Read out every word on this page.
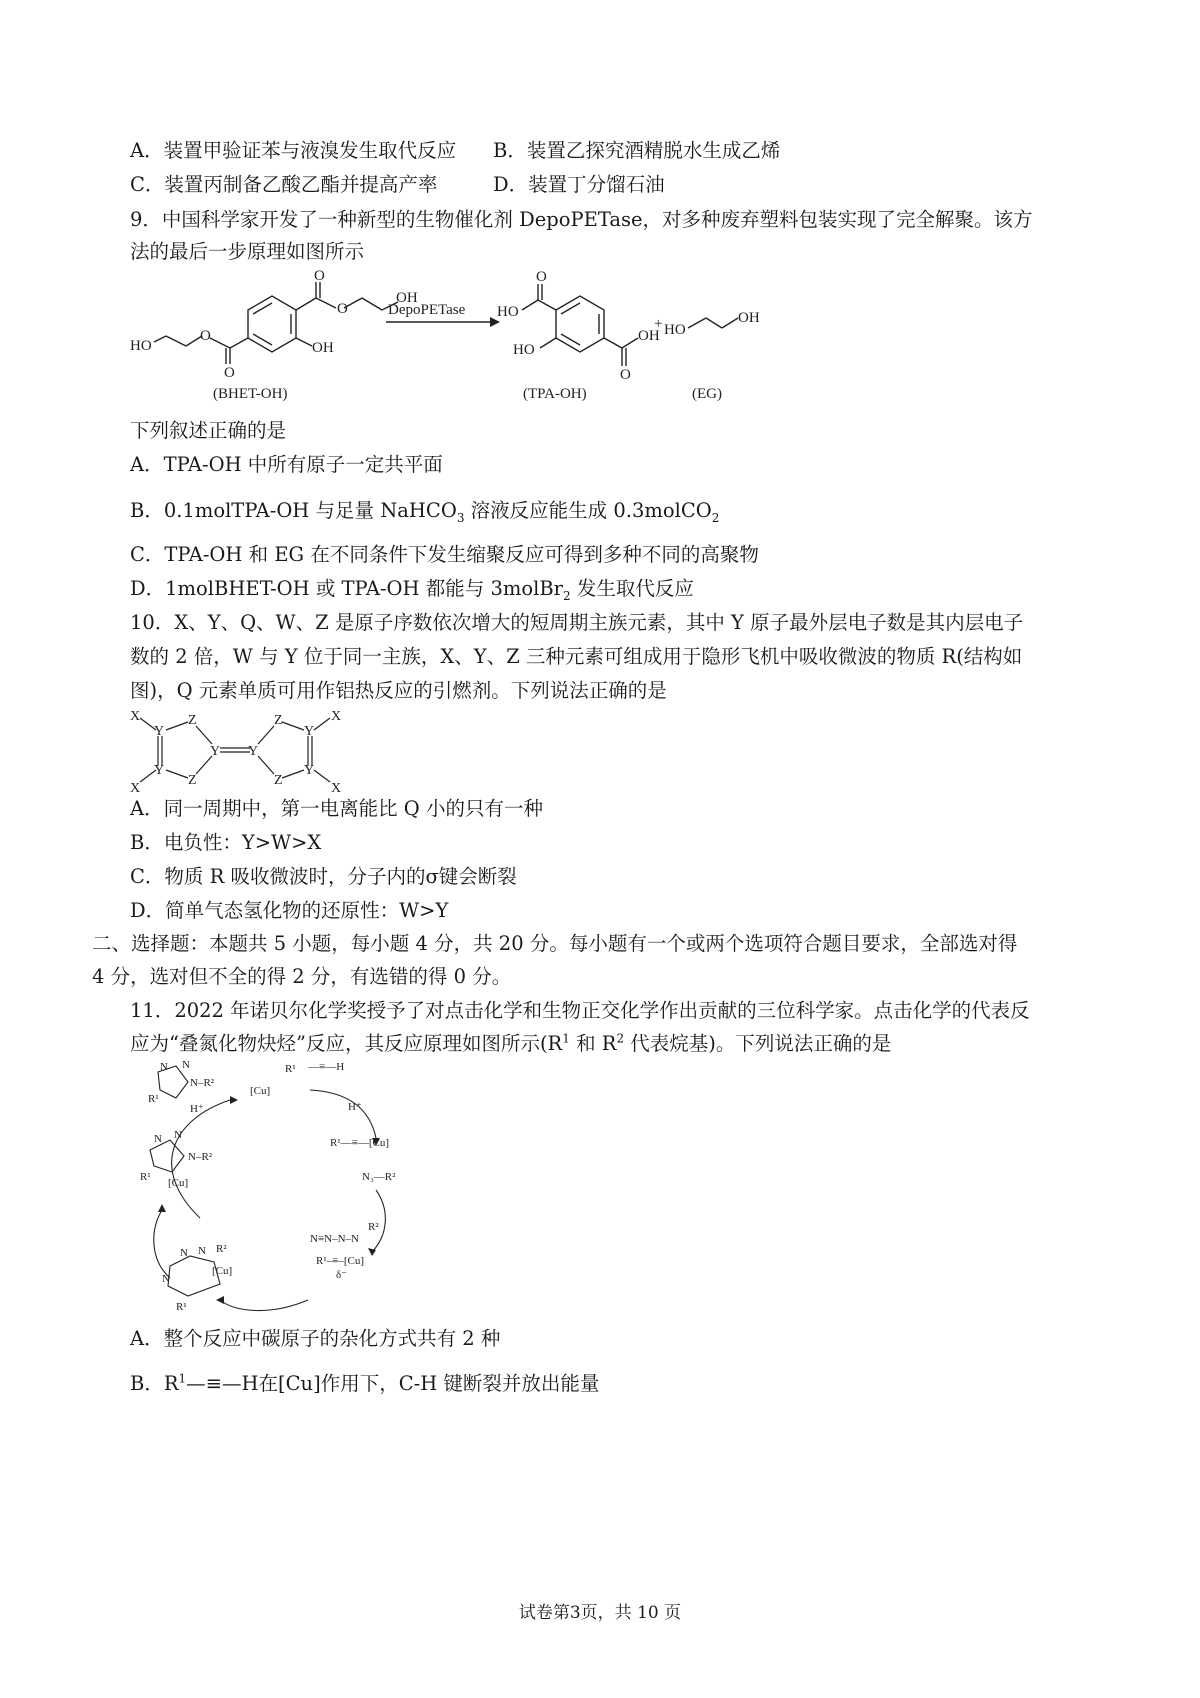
A．装置甲验证苯与液溴发生取代反应 B．装置乙探究酒精脱水生成乙烯
C．装置丙制备乙酸乙酯并提高产率	D．装置丁分馏石油
9．中国科学家开发了一种新型的生物催化剂 DepoPETase，对多种废弃塑料包装实现了完全解聚。该方
法的最后一步原理如图所示
O
O
OH
OH
O
O
HO
O
HO
HO
O
OH
+ HO
OH
DepoPETase
(BHET-OH)	(TPA-OH)	(EG)
下列叙述正确的是
A．TPA-OH 中所有原子一定共平面
B．0.1molTPA-OH 与足量 NaHCO$_3$ 溶液反应能生成 0.3molCO$_2$
C．TPA-OH 和 EG 在不同条件下发生缩聚反应可得到多种不同的高聚物
D．1molBHET-OH 或 TPA-OH 都能与 3molBr$_2$ 发生取代反应
10．X、Y、Q、W、Z 是原子序数依次增大的短周期主族元素，其中 Y 原子最外层电子数是其内层电子
数的 2 倍，W 与 Y 位于同一主族，X、Y、Z 三种元素可组成用于隐形飞机中吸收微波的物质 R(结构如
图)，Q 元素单质可用作铝热反应的引燃剂。下列说法正确的是
X
Y
Y
X
Z
Z
Y Y
Z
Z
Y
Y
X
X
A．同一周期中，第一电离能比 Q 小的只有一种
B．电负性：Y>W>X
C．物质 R 吸收微波时，分子内的σ键会断裂
D．简单气态氢化物的还原性：W>Y
二、选择题：本题共 5 小题，每小题 4 分，共 20 分。每小题有一个或两个选项符合题目要求，全部选对得
4 分，选对但不全的得 2 分，有选错的得 0 分。
11．2022 年诺贝尔化学奖授予了对点击化学和生物正交化学作出贡献的三位科学家。点击化学的代表反
应为“叠氮化物炔烃”反应，其反应原理如图所示($R^1$ 和 $R^2$ 代表烷基)。下列说法正确的是
N N
N–R²
R¹
H⁺
[Cu]
R¹ —≡—H
H⁺
R¹—≡—[Cu]
N₃—R²
N N
N–R²
R¹ [Cu]
N≡N–N–N
R²
R¹–≡–[Cu]
δ⁻
N N R²
N
[Cu]
R¹
A．整个反应中碳原子的杂化方式共有 2 种
B．$R^1—\equiv—H$在[Cu]作用下，C-H 键断裂并放出能量
试卷第3页，共 10 页
